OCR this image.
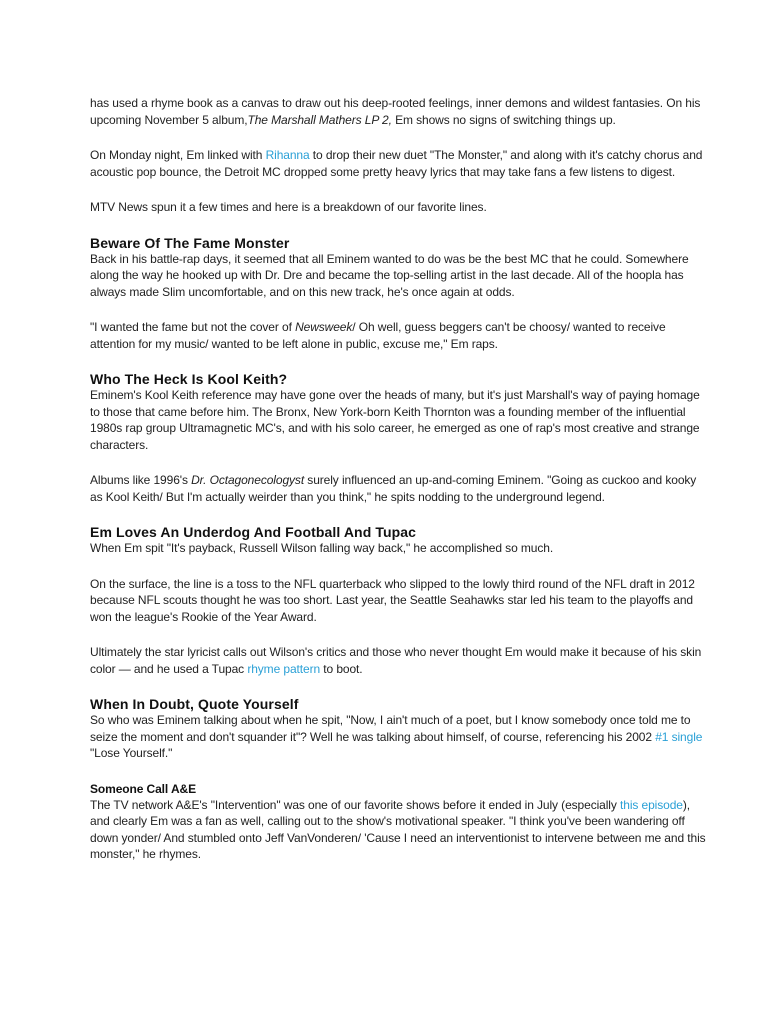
has used a rhyme book as a canvas to draw out his deep-rooted feelings, inner demons and wildest fantasies. On his upcoming November 5 album,The Marshall Mathers LP 2, Em shows no signs of switching things up.

On Monday night, Em linked with Rihanna to drop their new duet "The Monster," and along with it's catchy chorus and acoustic pop bounce, the Detroit MC dropped some pretty heavy lyrics that may take fans a few listens to digest.

MTV News spun it a few times and here is a breakdown of our favorite lines.

Beware Of The Fame Monster

Back in his battle-rap days, it seemed that all Eminem wanted to do was be the best MC that he could. Somewhere along the way he hooked up with Dr. Dre and became the top-selling artist in the last decade. All of the hoopla has always made Slim uncomfortable, and on this new track, he's once again at odds.

"I wanted the fame but not the cover of Newsweek/ Oh well, guess beggers can't be choosy/ wanted to receive attention for my music/ wanted to be left alone in public, excuse me," Em raps.

Who The Heck Is Kool Keith?

Eminem's Kool Keith reference may have gone over the heads of many, but it's just Marshall's way of paying homage to those that came before him. The Bronx, New York-born Keith Thornton was a founding member of the influential 1980s rap group Ultramagnetic MC's, and with his solo career, he emerged as one of rap's most creative and strange characters.

Albums like 1996's Dr. Octagonecologyst surely influenced an up-and-coming Eminem. "Going as cuckoo and kooky as Kool Keith/ But I'm actually weirder than you think," he spits nodding to the underground legend.

Em Loves An Underdog And Football And Tupac

When Em spit "It's payback, Russell Wilson falling way back," he accomplished so much.

On the surface, the line is a toss to the NFL quarterback who slipped to the lowly third round of the NFL draft in 2012 because NFL scouts thought he was too short. Last year, the Seattle Seahawks star led his team to the playoffs and won the league's Rookie of the Year Award.

Ultimately the star lyricist calls out Wilson's critics and those who never thought Em would make it because of his skin color — and he used a Tupac rhyme pattern to boot.

When In Doubt, Quote Yourself

So who was Eminem talking about when he spit, "Now, I ain't much of a poet, but I know somebody once told me to seize the moment and don't squander it"? Well he was talking about himself, of course, referencing his 2002 #1 single "Lose Yourself."

Someone Call A&E

The TV network A&E's "Intervention" was one of our favorite shows before it ended in July (especially this episode), and clearly Em was a fan as well, calling out to the show's motivational speaker. "I think you've been wandering off down yonder/ And stumbled onto Jeff VanVonderen/ 'Cause I need an interventionist to intervene between me and this monster," he rhymes.
